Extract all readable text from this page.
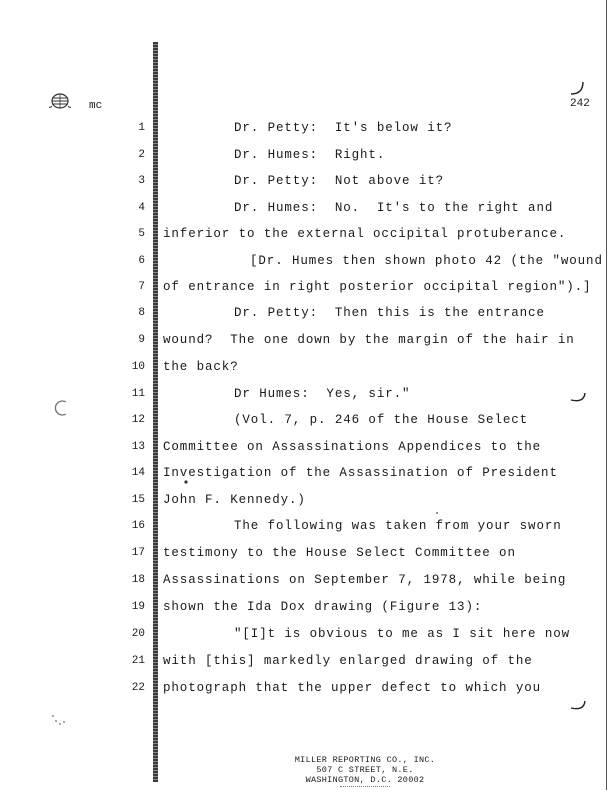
mc	242
1	Dr. Petty:  It's below it?
2	Dr. Humes:  Right.
3	Dr. Petty:  Not above it?
4	Dr. Humes:  No.  It's to the right and
5 inferior to the external occipital protuberance.
6	[Dr. Humes then shown photo 42 (the "wound
7 of entrance in right posterior occipital region").]
8	Dr. Petty:  Then this is the entrance
9 wound?  The one down by the margin of the hair in
10 the back?
11	Dr Humes:  Yes, sir."
12	(Vol. 7, p. 246 of the House Select
13 Committee on Assassinations Appendices to the
14 Investigation of the Assassination of President
15 John F. Kennedy.)
16	The following was taken from your sworn
17 testimony to the House Select Committee on
18 Assassinations on September 7, 1978, while being
19 shown the Ida Dox drawing (Figure 13):
20	"[I]t is obvious to me as I sit here now
21 with [this] markedly enlarged drawing of the
22 photograph that the upper defect to which you
MILLER REPORTING CO., INC.
507 C STREET, N.E.
WASHINGTON, D.C. 20002
